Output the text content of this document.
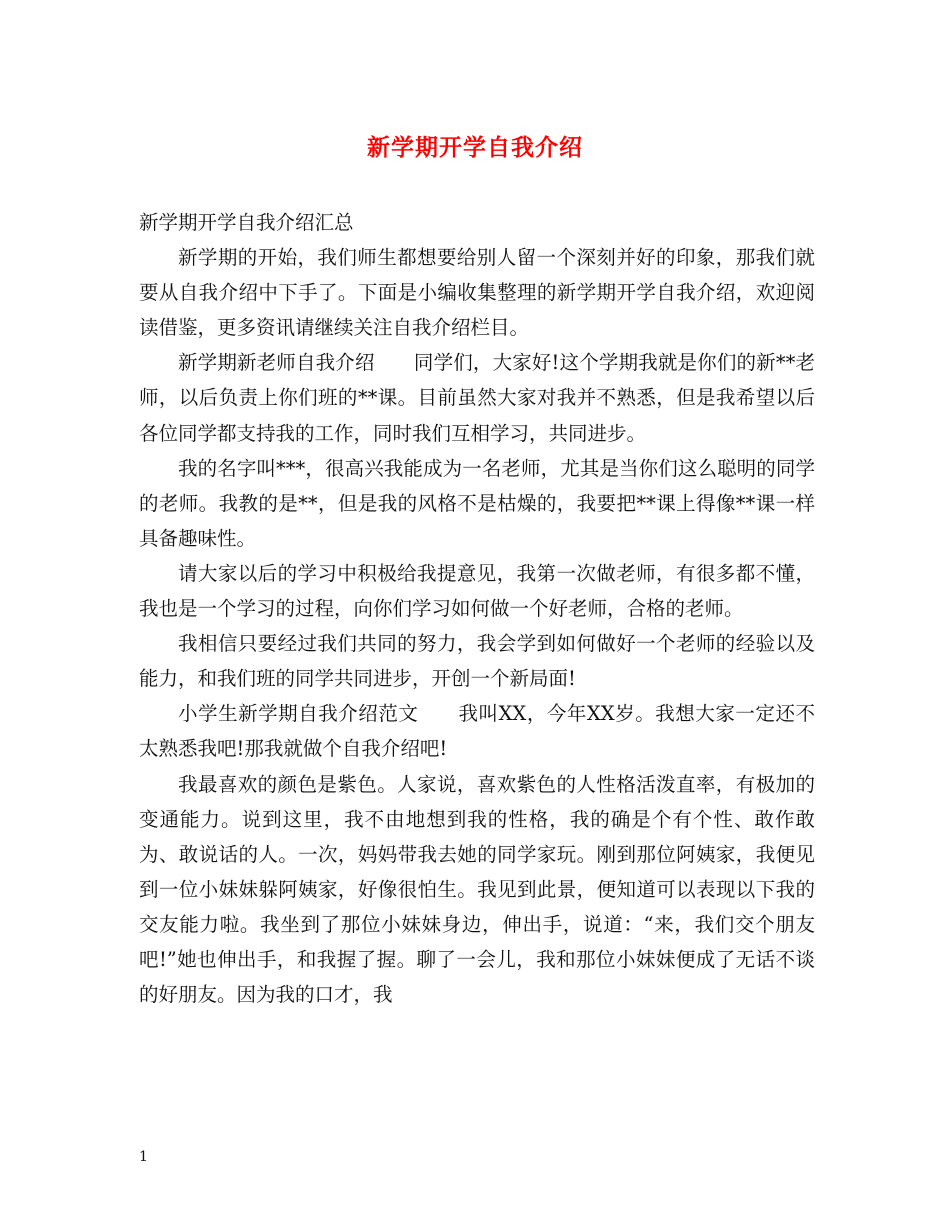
新学期开学自我介绍

新学期开学自我介绍汇总

新学期的开始，我们师生都想要给别人留一个深刻并好的印象，那我们就要从自我介绍中下手了。下面是小编收集整理的新学期开学自我介绍，欢迎阅读借鉴，更多资讯请继续关注自我介绍栏目。

新学期新老师自我介绍　　同学们，大家好!这个学期我就是你们的新**老师，以后负责上你们班的**课。目前虽然大家对我并不熟悉，但是我希望以后各位同学都支持我的工作，同时我们互相学习，共同进步。

我的名字叫***，很高兴我能成为一名老师，尤其是当你们这么聪明的同学的老师。我教的是**，但是我的风格不是枯燥的，我要把**课上得像**课一样具备趣味性。

请大家以后的学习中积极给我提意见，我第一次做老师，有很多都不懂，我也是一个学习的过程，向你们学习如何做一个好老师，合格的老师。

我相信只要经过我们共同的努力，我会学到如何做好一个老师的经验以及能力，和我们班的同学共同进步，开创一个新局面!

小学生新学期自我介绍范文　　我叫XX，今年XX岁。我想大家一定还不太熟悉我吧!那我就做个自我介绍吧!

我最喜欢的颜色是紫色。人家说，喜欢紫色的人性格活泼直率，有极加的变通能力。说到这里，我不由地想到我的性格，我的确是个有个性、敢作敢为、敢说话的人。一次，妈妈带我去她的同学家玩。刚到那位阿姨家，我便见到一位小妹妹躲阿姨家，好像很怕生。我见到此景，便知道可以表现以下我的交友能力啦。我坐到了那位小妹妹身边，伸出手，说道：“来，我们交个朋友吧!”她也伸出手，和我握了握。聊了一会儿，我和那位小妹妹便成了无话不谈的好朋友。因为我的口才，我

1
